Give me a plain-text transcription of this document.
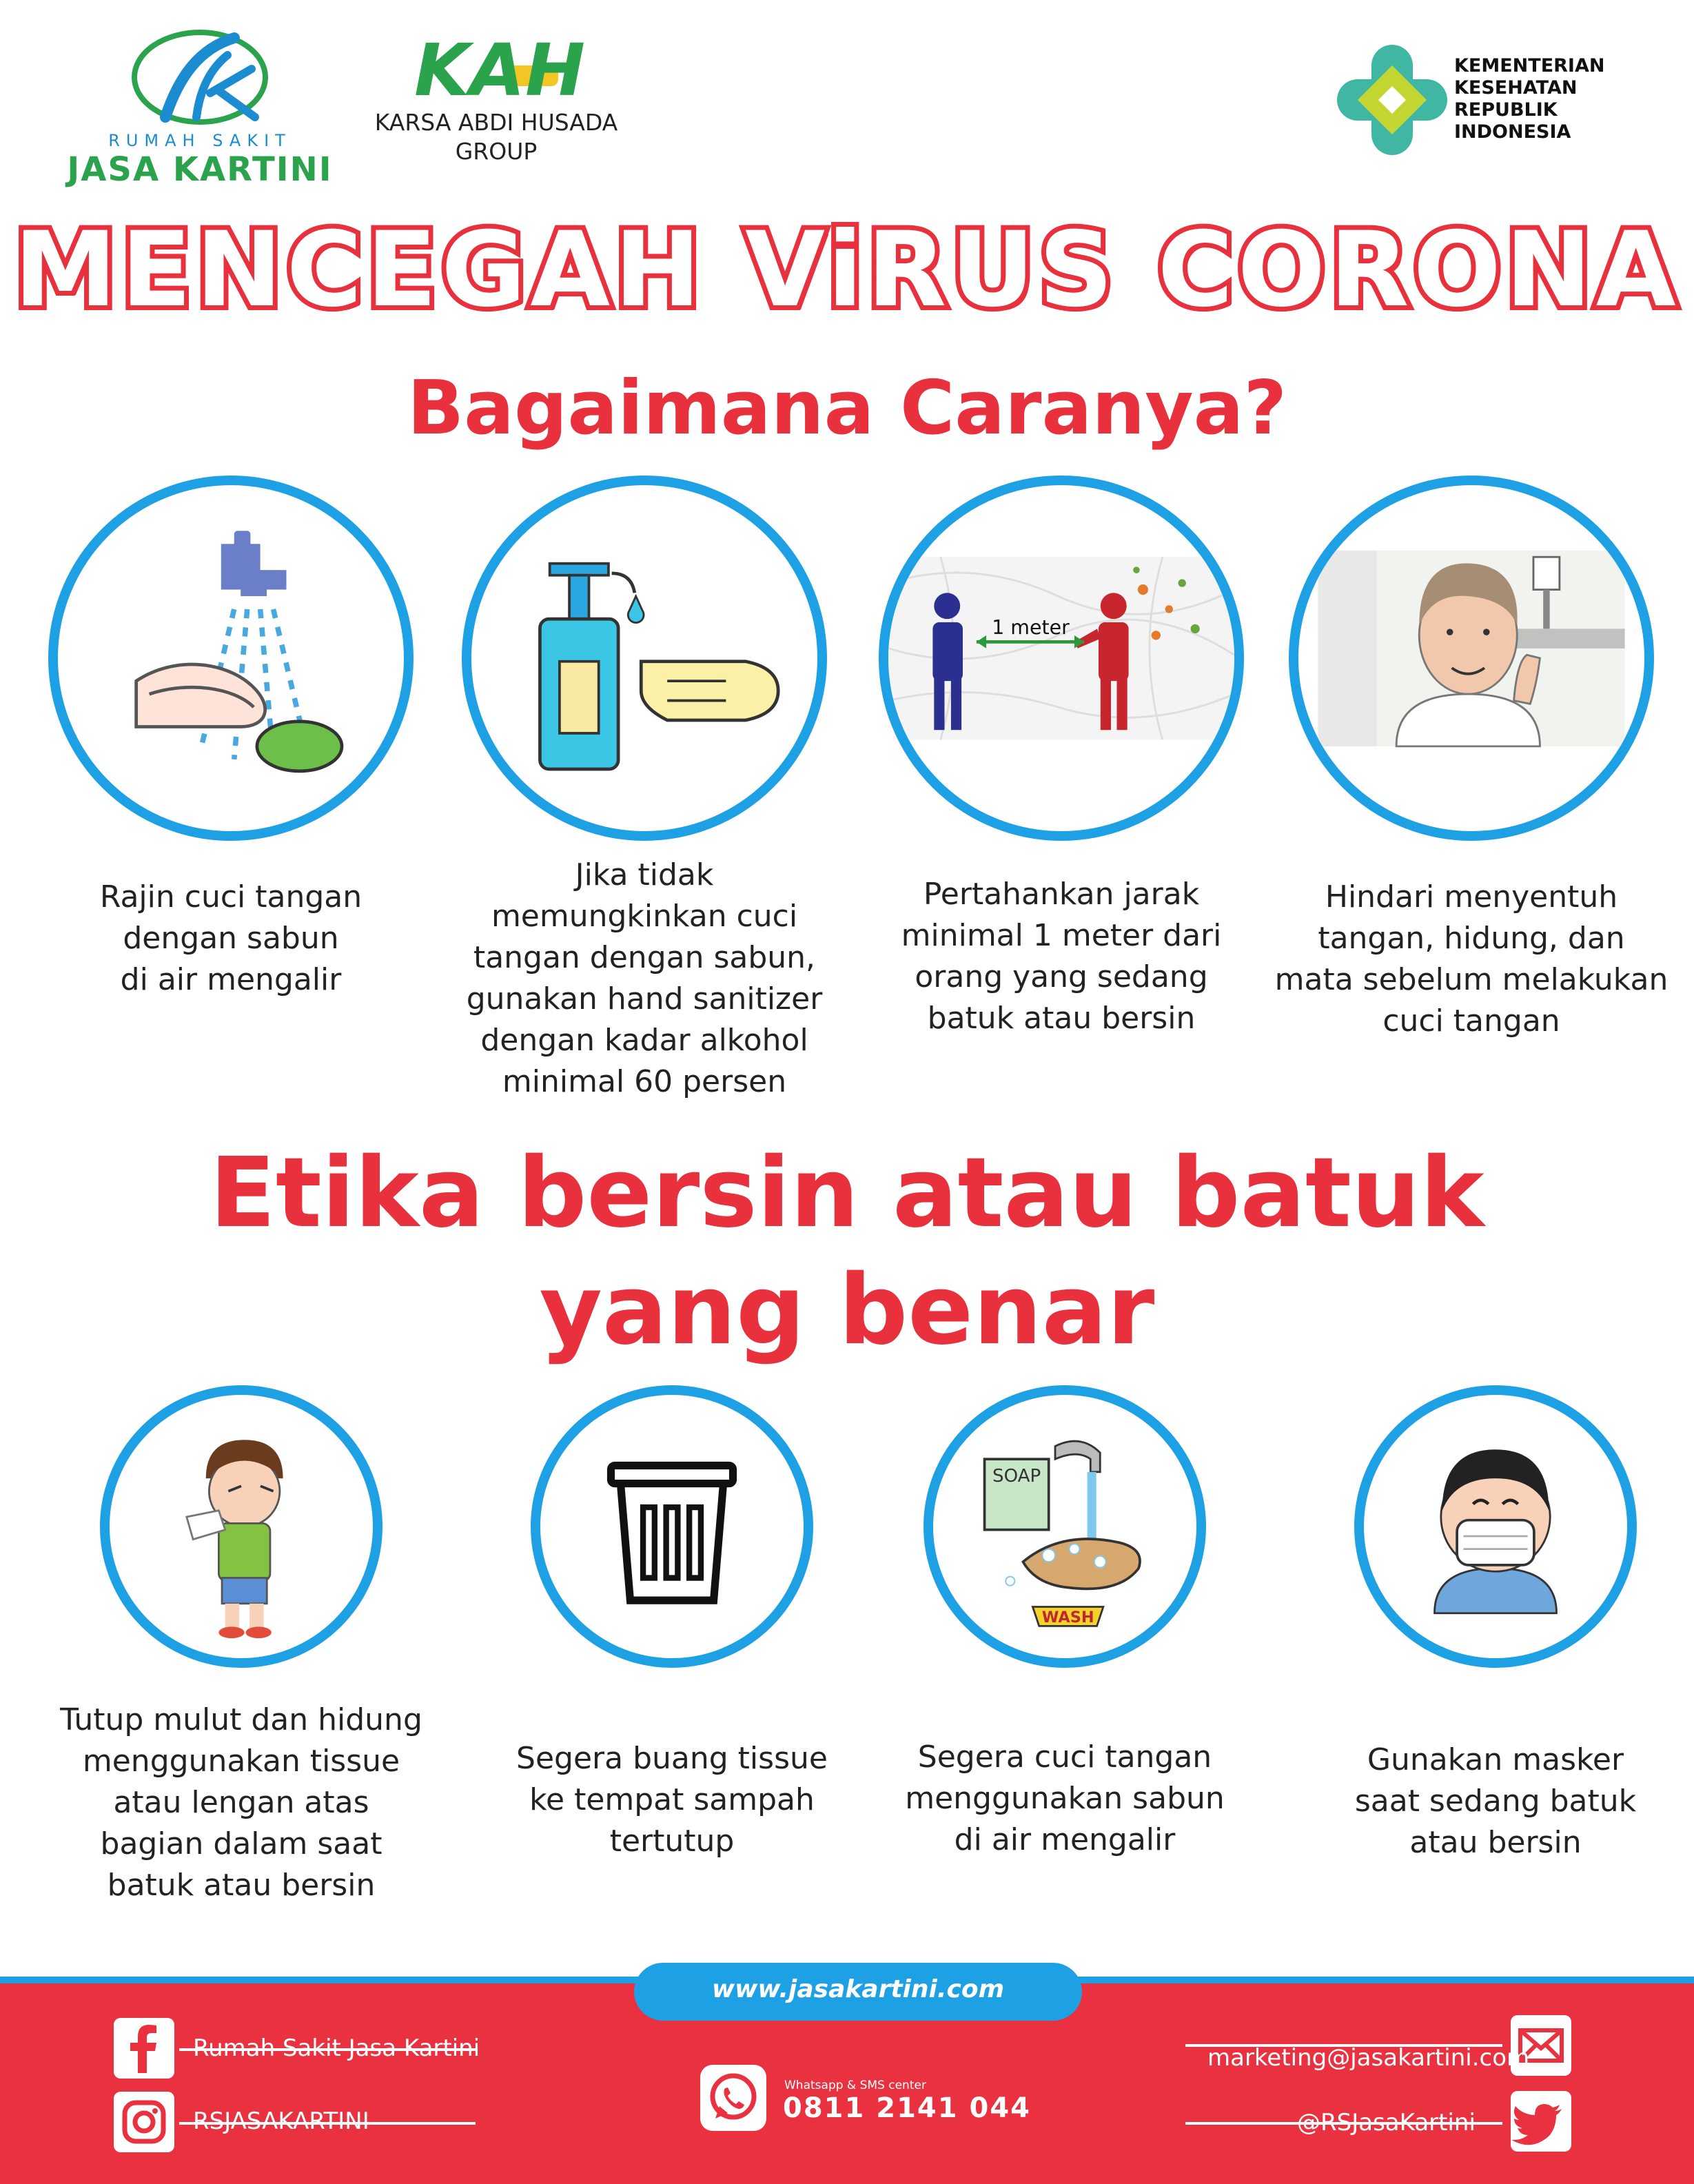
RUMAH SAKIT
JASA KARTINI
KAH
KARSA ABDI HUSADA
GROUP
KEMENTERIAN
KESEHATAN
REPUBLIK
INDONESIA
MENCEGAH ViRUS CORONA
Bagaimana Caranya?
1 meter
Rajin cuci tangan
dengan sabun
di air mengalir
Jika tidak
memungkinkan cuci
tangan dengan sabun,
gunakan hand sanitizer
dengan kadar alkohol
minimal 60 persen
Pertahankan jarak
minimal 1 meter dari
orang yang sedang
batuk atau bersin
Hindari menyentuh
tangan, hidung, dan
mata sebelum melakukan
cuci tangan
Etika bersin atau batuk
yang benar
SOAP
WASH
Tutup mulut dan hidung
menggunakan tissue
atau lengan atas
bagian dalam saat
batuk atau bersin
Segera buang tissue
ke tempat sampah
tertutup
Segera cuci tangan
menggunakan sabun
di air mengalir
Gunakan masker
saat sedang batuk
atau bersin
www.jasakartini.com
Rumah Sakit Jasa Kartini
RSJASAKARTINI
Whatsapp & SMS center
0811 2141 044
marketing@jasakartini.com
@RSJasaKartini
